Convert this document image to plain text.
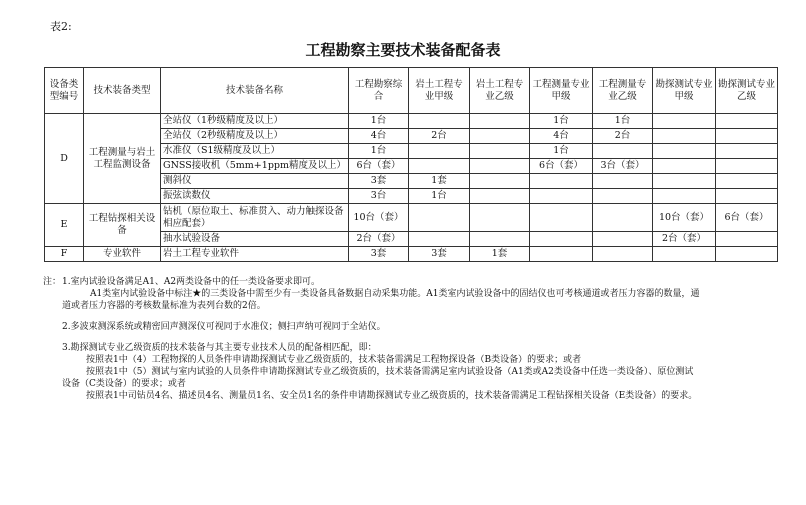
表2:
工程勘察主要技术装备配备表
设备类型编号	技术装备类型	技术装备名称	工程勘察综合	岩土工程专业甲级	岩土工程专业乙级	工程测量专业甲级	工程测量专业乙级	勘探测试专业甲级	勘探测试专业乙级
D	工程测量与岩土工程监测设备	全站仪（1秒级精度及以上）	1台			1台	1台		
		全站仪（2秒级精度及以上）	4台	2台		4台	2台		
		水准仪（S1级精度及以上）	1台			1台			
		GNSS接收机（5mm+1ppm精度及以上）	6台（套）			6台（套）	3台（套）		
		测斜仪	3套	1套					
		振弦读数仪	3台	1台					
E	工程钻探相关设备	钻机（原位取土、标准贯入、动力触探设备相应配套）	10台（套）					10台（套）	6台（套）
		抽水试验设备	2台（套）					2台（套）	
F	专业软件	岩土工程专业软件	3套	3套	1套				

注： 1.室内试验设备满足A1、A2两类设备中的任一类设备要求即可。

A1类室内试验设备中标注★的三类设备中需至少有一类设备具备数据自动采集功能。A1类室内试验设备中的固结仪也可考核通道或者压力容器的数量，通

道或者压力容器的考核数量标准为表列台数的2倍。

2.多波束测深系统或精密回声测深仪可视同于水准仪；侧扫声纳可视同于全站仪。

3.勘探测试专业乙级资质的技术装备与其主要专业技术人员的配备相匹配，即：

按照表1中（4）工程物探的人员条件申请勘探测试专业乙级资质的，技术装备需满足工程物探设备（B类设备）的要求；或者

按照表1中（5）测试与室内试验的人员条件申请勘探测试专业乙级资质的，技术装备需满足室内试验设备（A1类或A2类设备中任选一类设备）、原位测试

设备（C类设备）的要求；或者

按照表1中司钻员4名、描述员4名、测量员1名、安全员1名的条件申请勘探测试专业乙级资质的，技术装备需满足工程钻探相关设备（E类设备）的要求。
